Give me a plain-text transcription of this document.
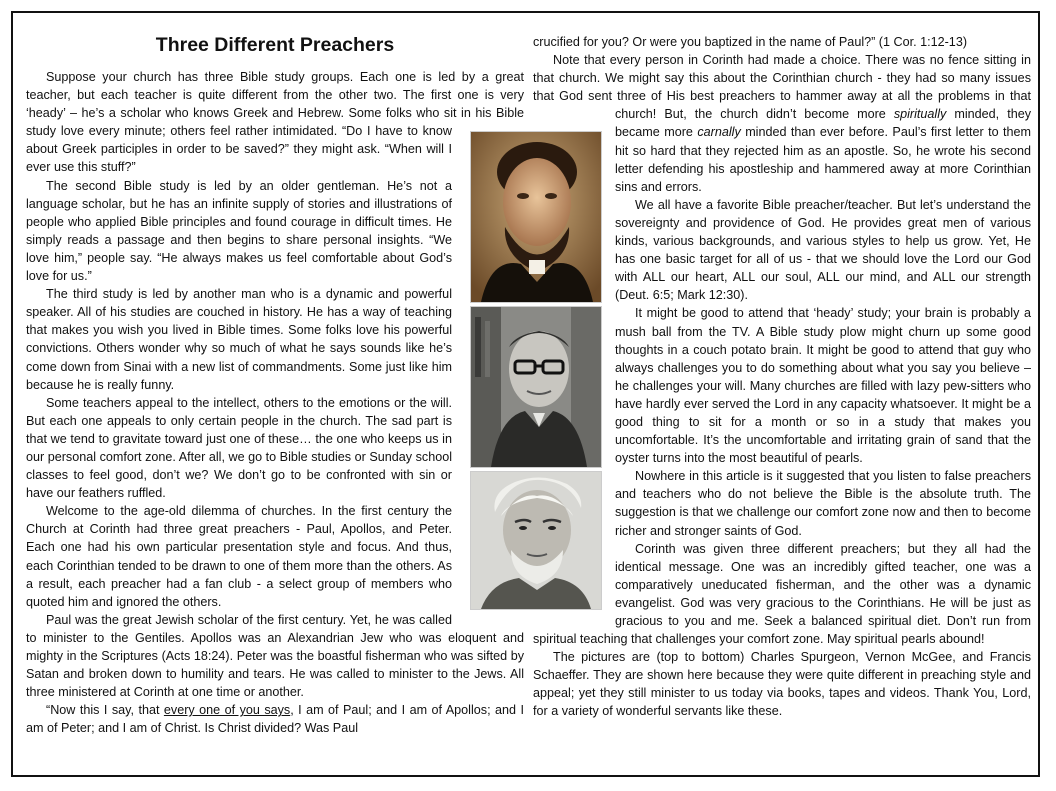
Three Different Preachers

Suppose your church has three Bible study groups. Each one is led by a great teacher, but each teacher is quite different from the other two. The first one is very ‘heady’ – he’s a scholar who knows Greek and Hebrew. Some folks who sit in his Bible study love every minute; others feel rather intimidated. “Do I have to know about Greek participles in order to be saved?” they might ask. “When will I ever use this stuff?”

The second Bible study is led by an older gentleman. He’s not a language scholar, but he has an infinite supply of stories and illustrations of people who applied Bible principles and found courage in difficult times. He simply reads a passage and then begins to share personal insights. “We love him,” people say. “He always makes us feel comfortable about God’s love for us.”

The third study is led by another man who is a dynamic and powerful speaker. All of his studies are couched in history. He has a way of teaching that makes you wish you lived in Bible times. Some folks love his powerful convictions. Others wonder why so much of what he says sounds like he’s come down from Sinai with a new list of commandments. Some just like him because he is really funny.

Some teachers appeal to the intellect, others to the emotions or the will. But each one appeals to only certain people in the church. The sad part is that we tend to gravitate toward just one of these… the one who keeps us in our personal comfort zone. After all, we go to Bible studies or Sunday school classes to feel good, don’t we? We don’t go to be confronted with sin or have our feathers ruffled.

Welcome to the age-old dilemma of churches. In the first century the Church at Corinth had three great preachers - Paul, Apollos, and Peter. Each one had his own particular presentation style and focus. And thus, each Corinthian tended to be drawn to one of them more than the others. As a result, each preacher had a fan club - a select group of members who quoted him and ignored the others.

Paul was the great Jewish scholar of the first century. Yet, he was called to minister to the Gentiles. Apollos was an Alexandrian Jew who was eloquent and mighty in the Scriptures (Acts 18:24). Peter was the boastful fisherman who was sifted by Satan and broken down to humility and tears. He was called to minister to the Jews. All three ministered at Corinth at one time or another.

“Now this I say, that every one of you says, I am of Paul; and I am of Apollos; and I am of Peter; and I am of Christ. Is Christ divided? Was Paul

crucified for you? Or were you baptized in the name of Paul?” (1 Cor. 1:12-13)

Note that every person in Corinth had made a choice. There was no fence sitting in that church. We might say this about the Corinthian church - they had so many issues that God sent three of His best preachers to hammer away at all the problems in that church! But, the church didn’t become more spiritually minded, they became more carnally minded than ever before. Paul’s first letter to them hit so hard that they rejected him as an apostle. So, he wrote his second letter defending his apostleship and hammered away at more Corinthian sins and errors.

We all have a favorite Bible preacher/teacher. But let’s understand the sovereignty and providence of God. He provides great men of various kinds, various backgrounds, and various styles to help us grow. Yet, He has one basic target for all of us - that we should love the Lord our God with ALL our heart, ALL our soul, ALL our mind, and ALL our strength (Deut. 6:5; Mark 12:30).

It might be good to attend that ‘heady’ study; your brain is probably a mush ball from the TV. A Bible study plow might churn up some good thoughts in a couch potato brain. It might be good to attend that guy who always challenges you to do something about what you say you believe – he challenges your will. Many churches are filled with lazy pew-sitters who have hardly ever served the Lord in any capacity whatsoever. It might be a good thing to sit for a month or so in a study that makes you uncomfortable. It’s the uncomfortable and irritating grain of sand that the oyster turns into the most beautiful of pearls.

Nowhere in this article is it suggested that you listen to false preachers and teachers who do not believe the Bible is the absolute truth. The suggestion is that we challenge our comfort zone now and then to become richer and stronger saints of God.

Corinth was given three different preachers; but they all had the identical message. One was an incredibly gifted teacher, one was a comparatively uneducated fisherman, and the other was a dynamic evangelist. God was very gracious to the Corinthians. He will be just as gracious to you and me. Seek a balanced spiritual diet. Don’t run from spiritual teaching that challenges your comfort zone. May spiritual pearls abound!

The pictures are (top to bottom) Charles Spurgeon, Vernon McGee, and Francis Schaeffer. They are shown here because they were quite different in preaching style and appeal; yet they still minister to us today via books, tapes and videos. Thank You, Lord, for a variety of wonderful servants like these.
